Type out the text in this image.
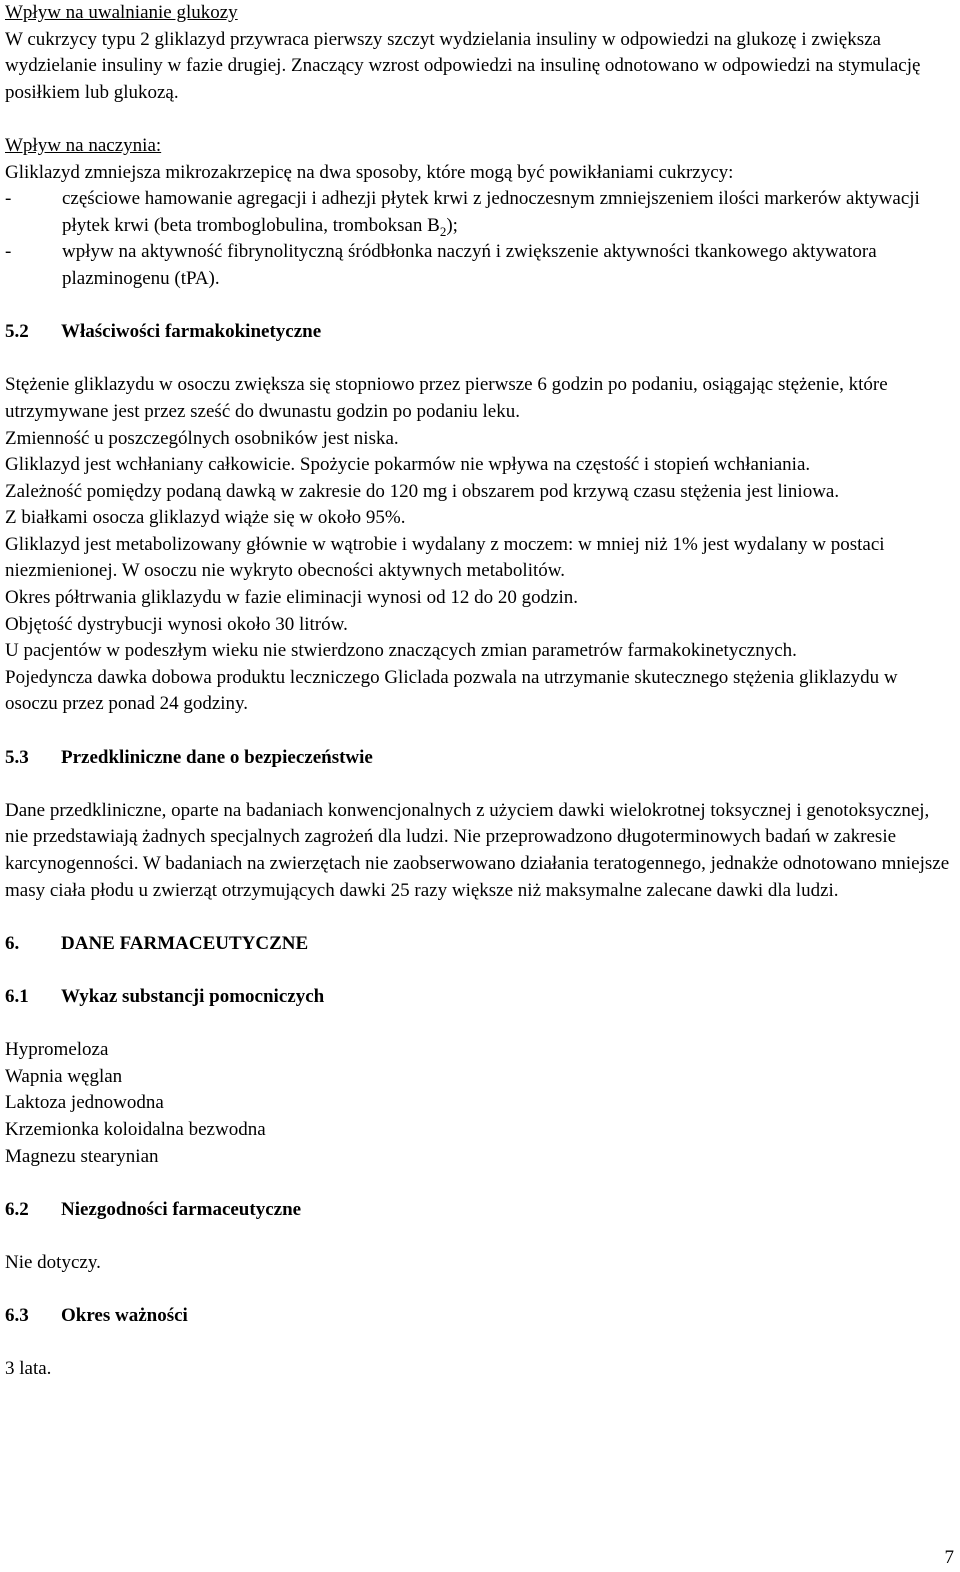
Wpływ na uwalnianie glukozy

W cukrzycy typu 2 gliklazyd przywraca pierwszy szczyt wydzielania insuliny w odpowiedzi na glukozę i zwiększa wydzielanie insuliny w fazie drugiej. Znaczący wzrost odpowiedzi na insulinę odnotowano w odpowiedzi na stymulację posiłkiem lub glukozą.

Wpływ na naczynia:

Gliklazyd zmniejsza mikrozakrzepicę na dwa sposoby, które mogą być powikłaniami cukrzycy:

-	częściowe hamowanie agregacji i adhezji płytek krwi z jednoczesnym zmniejszeniem ilości markerów aktywacji płytek krwi (beta tromboglobulina, tromboksan $B_2$);
-	wpływ na aktywność fibrynolityczną śródbłonka naczyń i zwiększenie aktywności tkankowego aktywatora plazminogenu (tPA).
5.2	Właściwości farmakokinetyczne

Stężenie gliklazydu w osoczu zwiększa się stopniowo przez pierwsze 6 godzin po podaniu, osiągając stężenie, które utrzymywane jest przez sześć do dwunastu godzin po podaniu leku.

Zmienność u poszczególnych osobników jest niska.

Gliklazyd jest wchłaniany całkowicie. Spożycie pokarmów nie wpływa na częstość i stopień wchłaniania.

Zależność pomiędzy podaną dawką w zakresie do 120 mg i obszarem pod krzywą czasu stężenia jest liniowa.

Z białkami osocza gliklazyd wiąże się w około 95%.

Gliklazyd jest metabolizowany głównie w wątrobie i wydalany z moczem: w mniej niż 1% jest wydalany w postaci niezmienionej. W osoczu nie wykryto obecności aktywnych metabolitów.

Okres półtrwania gliklazydu w fazie eliminacji wynosi od 12 do 20 godzin.

Objętość dystrybucji wynosi około 30 litrów.

U pacjentów w podeszłym wieku nie stwierdzono znaczących zmian parametrów farmakokinetycznych.

Pojedyncza dawka dobowa produktu leczniczego Gliclada pozwala na utrzymanie skutecznego stężenia gliklazydu w osoczu przez ponad 24 godziny.

5.3	Przedkliniczne dane o bezpieczeństwie

Dane przedkliniczne, oparte na badaniach konwencjonalnych z użyciem dawki wielokrotnej toksycznej i genotoksycznej, nie przedstawiają żadnych specjalnych zagrożeń dla ludzi. Nie przeprowadzono długoterminowych badań w zakresie karcynogenności. W badaniach na zwierzętach nie zaobserwowano działania teratogennego, jednakże odnotowano mniejsze masy ciała płodu u zwierząt otrzymujących dawki 25 razy większe niż maksymalne zalecane dawki dla ludzi.

6.	DANE FARMACEUTYCZNE
6.1	Wykaz substancji pomocniczych

Hypromeloza

Wapnia węglan

Laktoza jednowodna

Krzemionka koloidalna bezwodna

Magnezu stearynian

6.2	Niezgodności farmaceutyczne

Nie dotyczy.

6.3	Okres ważności

3 lata.

7
